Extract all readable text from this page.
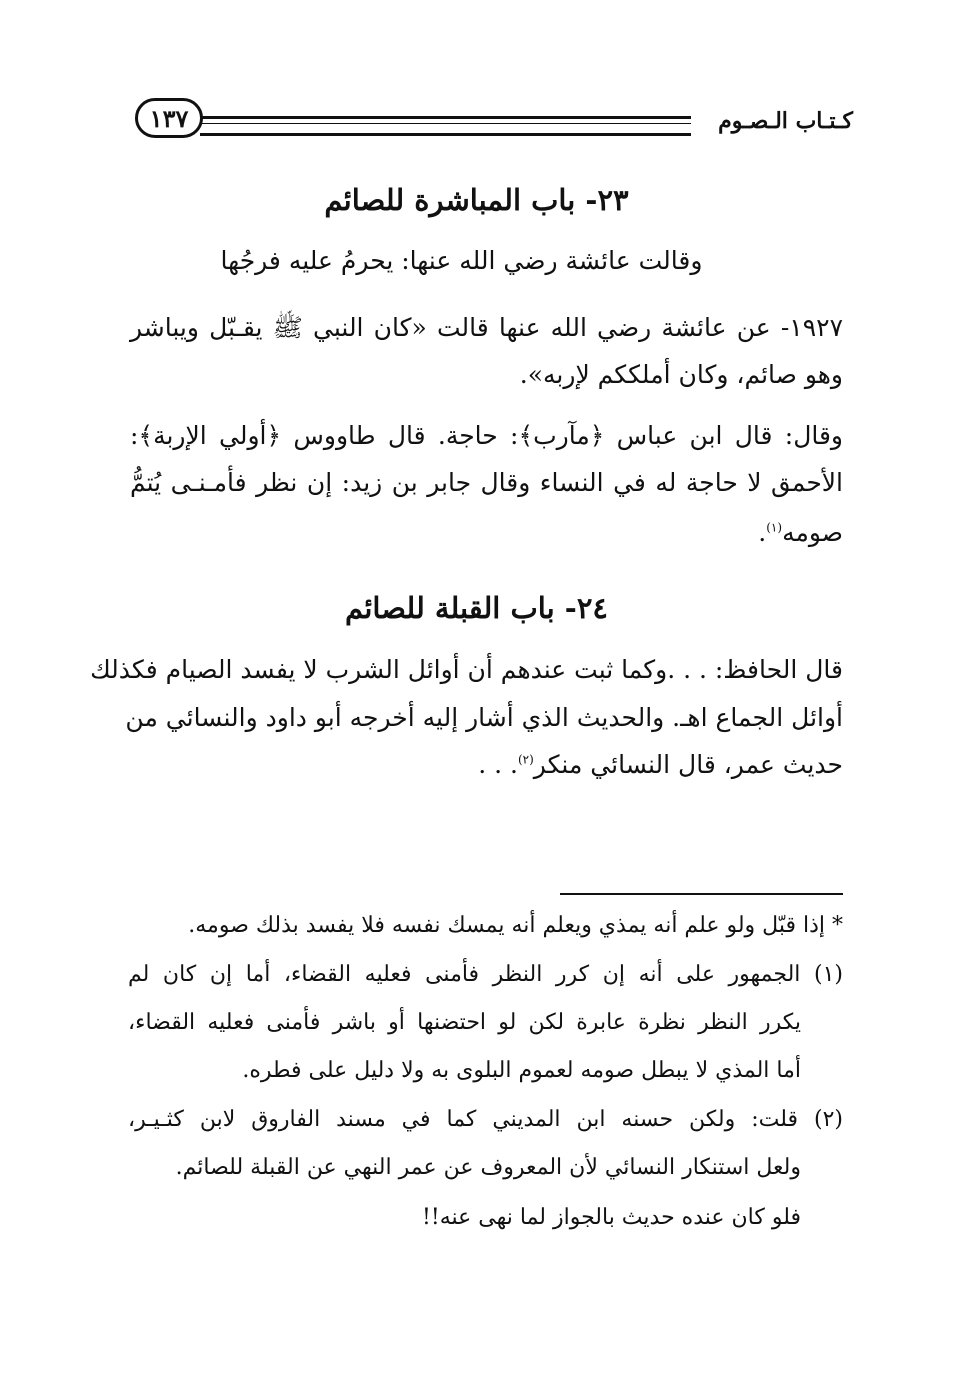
كـتـاب الـصـوم
١٣٧
٢٣- باب المباشرة للصائم
وقالت عائشة رضي الله عنها: يحرمُ عليه فرجُها
١٩٢٧- عن عائشة رضي الله عنها قالت «كان النبي ﷺ يقـبّل ويباشر
وهو صائم، وكان أملككم لإربه».
وقال: قال ابن عباس ﴿مآرب﴾: حاجة. قال طاووس ﴿أولي الإربة﴾:
الأحمق لا حاجة له في النساء وقال جابر بن زيد: إن نظر فأمـنـى يُتمُّ
صومه$^{(١)}$.
٢٤- باب القبلة للصائم
قال الحافظ: . . .وكما ثبت عندهم أن أوائل الشرب لا يفسد الصيام فكذلك
أوائل الجماع اهـ. والحديث الذي أشار إليه أخرجه أبو داود والنسائي من
حديث عمر، قال النسائي منكر$^{(٢)}$. . .
* إذا قبّل ولو علم أنه يمذي ويعلم أنه يمسك نفسه فلا يفسد بذلك صومه.
(١) الجمهور على أنه إن كرر النظر فأمنى فعليه القضاء، أما إن كان لم
يكرر النظر نظرة عابرة لكن لو احتضنها أو باشر فأمنى فعليه القضاء،
أما المذي لا يبطل صومه لعموم البلوى به ولا دليل على فطره.
(٢) قلت: ولكن حسنه ابن المديني كما في مسند الفاروق لابن كثـيـر،
ولعل استنكار النسائي لأن المعروف عن عمر النهي عن القبلة للصائم.
فلو كان عنده حديث بالجواز لما نهى عنه!!
